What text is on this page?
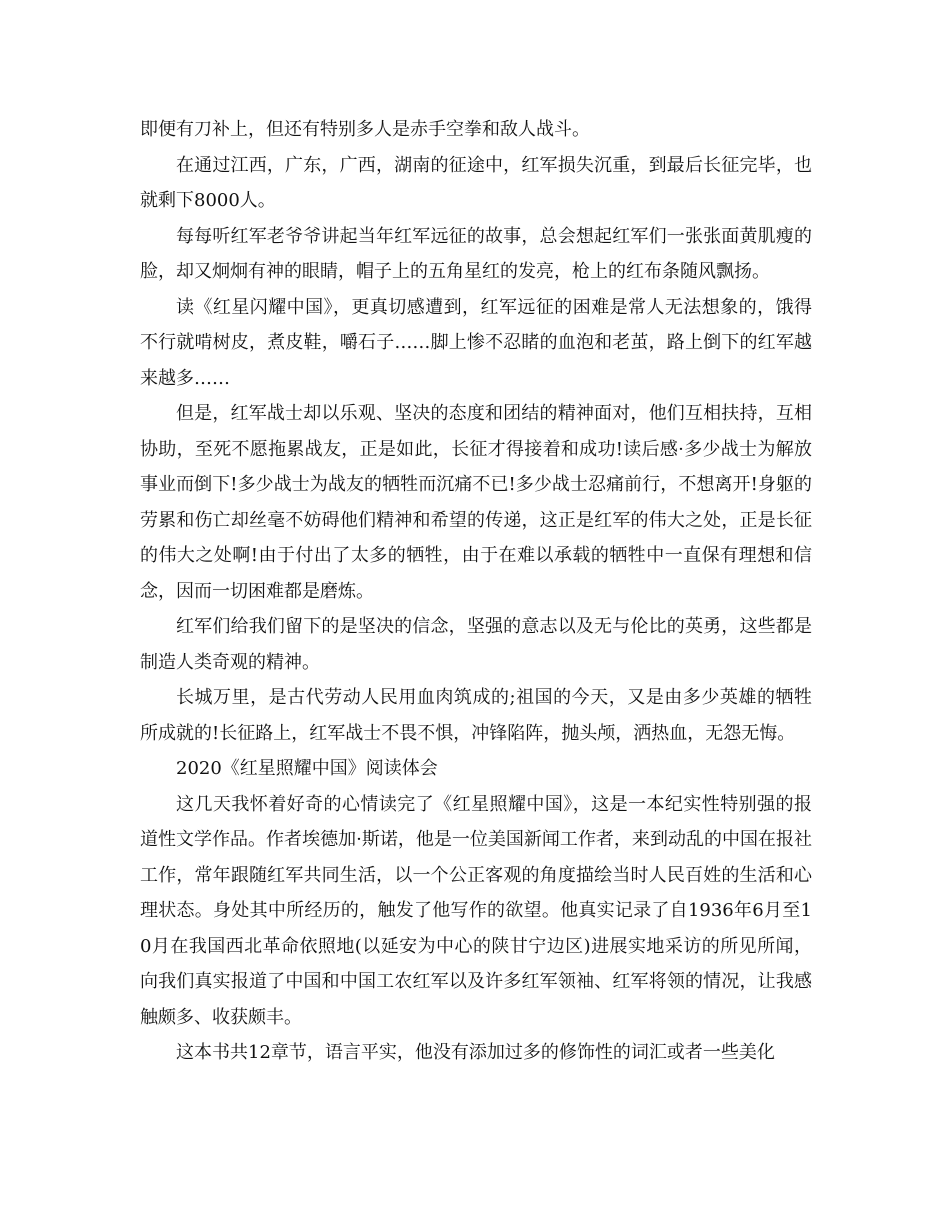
即便有刀补上，但还有特别多人是赤手空拳和敌人战斗。

在通过江西，广东，广西，湖南的征途中，红军损失沉重，到最后长征完毕，也就剩下8000人。

每每听红军老爷爷讲起当年红军远征的故事，总会想起红军们一张张面黄肌瘦的脸，却又炯炯有神的眼睛，帽子上的五角星红的发亮，枪上的红布条随风飘扬。

读《红星闪耀中国》，更真切感遭到，红军远征的困难是常人无法想象的，饿得不行就啃树皮，煮皮鞋，嚼石子……脚上惨不忍睹的血泡和老茧，路上倒下的红军越来越多……

但是，红军战士却以乐观、坚决的态度和团结的精神面对，他们互相扶持，互相协助，至死不愿拖累战友，正是如此，长征才得接着和成功!读后感·多少战士为解放事业而倒下!多少战士为战友的牺牲而沉痛不已!多少战士忍痛前行，不想离开!身躯的劳累和伤亡却丝毫不妨碍他们精神和希望的传递，这正是红军的伟大之处，正是长征的伟大之处啊!由于付出了太多的牺牲，由于在难以承载的牺牲中一直保有理想和信念，因而一切困难都是磨炼。

红军们给我们留下的是坚决的信念，坚强的意志以及无与伦比的英勇，这些都是制造人类奇观的精神。

长城万里，是古代劳动人民用血肉筑成的;祖国的今天，又是由多少英雄的牺牲所成就的!长征路上，红军战士不畏不惧，冲锋陷阵，抛头颅，洒热血，无怨无悔。

2020《红星照耀中国》阅读体会

这几天我怀着好奇的心情读完了《红星照耀中国》，这是一本纪实性特别强的报道性文学作品。作者埃德加·斯诺，他是一位美国新闻工作者，来到动乱的中国在报社工作，常年跟随红军共同生活，以一个公正客观的角度描绘当时人民百姓的生活和心理状态。身处其中所经历的，触发了他写作的欲望。他真实记录了自1936年6月至10月在我国西北革命依照地(以延安为中心的陕甘宁边区)进展实地采访的所见所闻，向我们真实报道了中国和中国工农红军以及许多红军领袖、红军将领的情况，让我感触颇多、收获颇丰。

这本书共12章节，语言平实，他没有添加过多的修饰性的词汇或者一些美化
